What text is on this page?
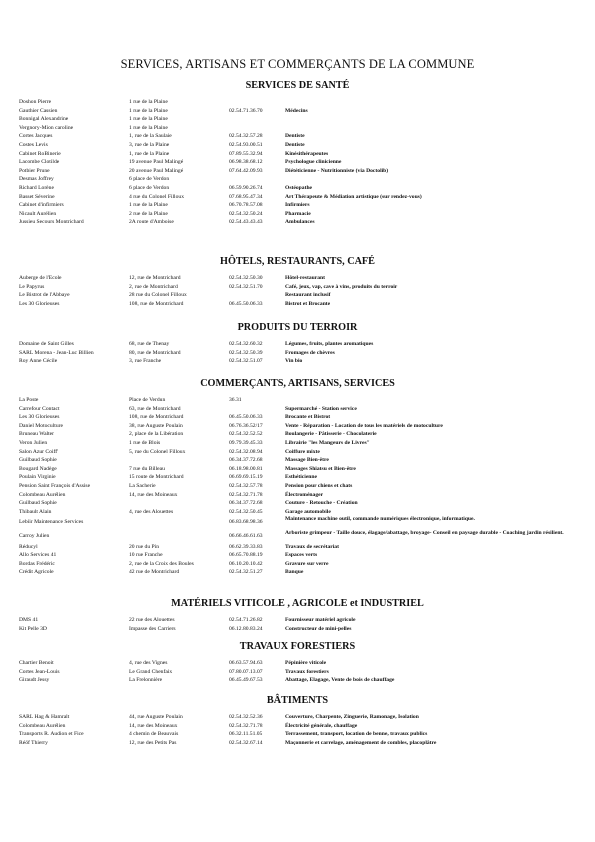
SERVICES, ARTISANS ET COMMERÇANTS DE LA COMMUNE
SERVICES DE SANTÉ
Doshon Pierre	1 rue de la Plaine
Gauthier Cassien	1 rue de la Plaine	02.54.71.36.70	Médecins
Bonnigal Alexandrine	1 rue de la Plaine
Vergnory-Mion caroline	1 rue de la Plaine
Cortes Jacques	1, rue de la Saulaie	02.54.32.57.28	Dentiste
Costes Levis	3, rue de la Plaine	02.54.93.00.51	Dentiste
Cabinet RoBinerie	1, rue de la Plaine	07.89.55.32.94	Kinésithérapeutes
Lacombe Clotilde	19 avenue Paul Malingé	06.98.38.68.12	Psychologue clinicienne
Potbier Prune	20 avenue Paul Malingé	07.64.42.09.93	Diététicienne - Nutritionniste (via Doctolib)
Desmas Joffrey	6 place de Verdon
Richard Lorène	6 place de Verdon	06.59.90.26.74	Ostéopathe
Basset Séverine	4 rue du Colonel Filloux	07.68.95.47.34	Art Thérapeute & Médiation artistique (sur rendez-vous)
Cabinet d'infirmiers	1 rue de la Plaine	06.70.78.57.08	Infirmiers
Nicault Aurélien	2 rue de la Plaine	02.54.32.50.24	Pharmacie
Jussieu Secours Montrichard	2A route d'Amboise	02.54.43.43.43	Ambulances
HÔTELS, RESTAURANTS, CAFÉ
Auberge de l'Ecole	12, rue de Montrichard	02.54.32.50.30	Hôtel-restaurant
Le Papyrus	2, rue de Montrichard	02.54.32.51.70	Café, jeux, vap, cave à vins, produits du terroir
Le Bistrot de l'Abbaye	28 rue du Colonel Filloux	Restaurant inclusif
Les 30 Glorieuses	108, rue de Montrichard	06.45.50.06.33	Bistrot et Brocante
PRODUITS DU TERROIR
Domaine de Saint Gilles	68, rue de Thenay	02.54.32.60.32	Légumes, fruits, plantes aromatiques
SARL Morena - Jean-Luc Billien	80, rue de Montrichard	02.54.32.50.39	Fromages de chèvres
Roy Anne Cécile	3, rue Franche	02.54.32.51.07	Vin bio
COMMERÇANTS, ARTISANS, SERVICES
La Poste	Place de Verdun	36.31
Carrefour Contact	63, rue de Montrichard	Supermarché - Station service
Les 30 Glorieuses	108, rue de Montrichard	06.45.50.06.33	Brocante et Bistrot
Daniel Motoculture	38, rue Auguste Poulain	06.76.36.52/17	Vente - Réparation - Location de tous les matériels de motoculture
Bruneau Walter	2, place de la Libération	02.54.32.52.52	Boulangerie - Pâtisserie - Chocolaterie
Veron Julien	1 rue de Blois	09.79.39.45.33	Librairie "les Mangeurs de Livres"
Salon Azur Coiff'	5, rue du Colonel Filloux	02.54.32.08.94	Coiffure mixte
Guilbaud Sophie	06.34.37.72.68	Massage Bien-être
Bougard Nadège	7 rue du Billeau	06.18.98.00.81	Massages Shiatsu et Bien-être
Poulain Virginie	15 route de Montrichard	06.69.69.15.19	Esthéticienne
Pension Saint François d'Assise	La Sacherie	02.54.32.57.78	Pension pour chiens et chats
Colombeau Aurélien	14, rue des Moineaux	02.54.32.71.78	Électroménager
Guilbaud Sophie	06.34.37.72.68	Couture - Retouche - Création
Thibault Alain	4, rue des Alouettes	02.54.32.50.45	Garage automobile
Lebiir Maintenance Services	06.83.68.98.36	Maintenance machine outil, commande numériques électronique, informatique.
Carroy Julien	06.66.46.61.63	Arboriste grimpeur - Taille douce, élagage/abattage, broyage- Conseil en paysage durable - Coaching jardin résilient.
Réducyl	20 rue du Pin	06.62.39.33.83	Travaux de secrétariat
Allo Services 41	10 rue Franche	06.65.70.88.19	Espaces verts
Bordas Frédéric	2, rue de la Croix des Boules	06.10.20.10.42	Gravure sur verre
Crédit Agricole	42 rue de Montrichard	02.54.32.51.27	Banque
MATÉRIELS VITICOLE , AGRICOLE et INDUSTRIEL
DMS 41	22 rue des Alouettes	02.54.71.26.82	Fournisseur matériel agricole
Kit Pelle 3D	Impasse des Carriers	06.12.80.83.24	Constructeur de mini-pelles
TRAVAUX FORESTIERS
Chartier Benoit	4, rue des Vignes	06.63.57.94.63	Pépinière viticole
Cortes Jean-Louis	Le Grand Chenfaix	07.80.07.13.07	Travaux forestiers
Giraudt Jessy	La Frelonnière	06.45.49.67.53	Abattage, Elagage, Vente de bois de chauffage
BÂTIMENTS
SARL Hag & Hamralt	44, rue Auguste Poulain	02.54.32.52.36	Couverture, Charpente, Zinguerie, Ramonage, Isolation
Colombeau Aurélien	14, rue des Moineaux	02.54.32.71.78	Électricité générale, chauffage
Transports R. Audion et Fice	4 chemin de Beauvais	06.32.11.51.05	Terrassement, transport, location de benne, travaux publics
Réöf Thierry	12, rue des Petits Pas	02.54.32.67.14	Maçonnerie et carrelage, aménagement de combles, placoplâtre
